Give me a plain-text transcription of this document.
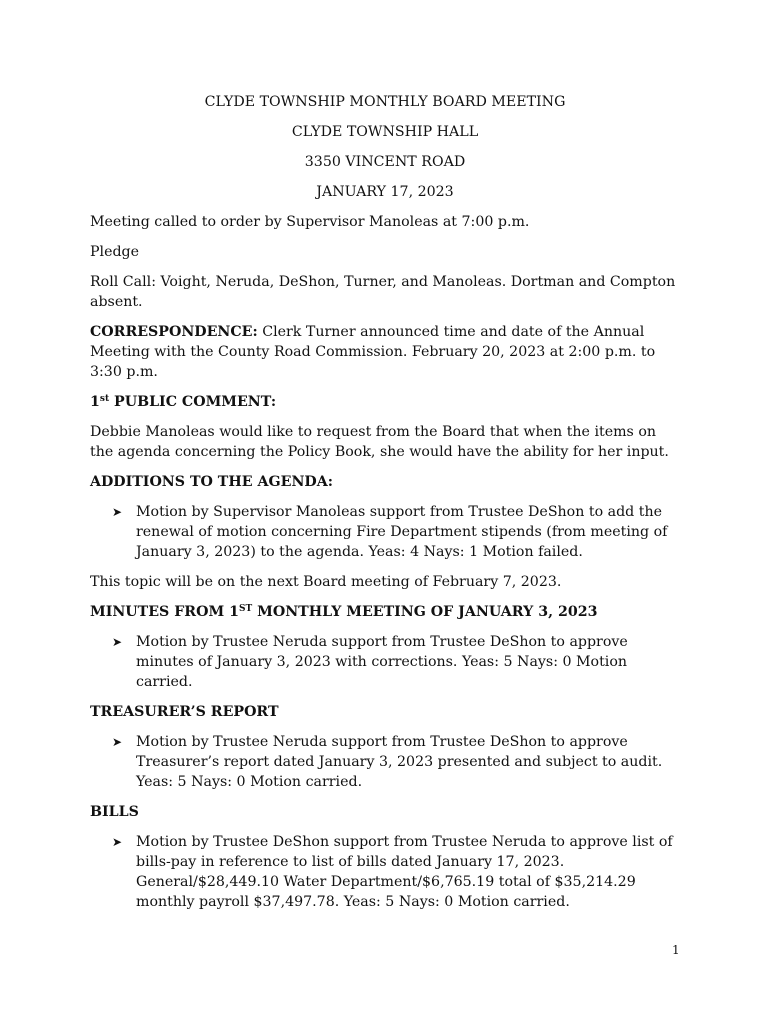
CLYDE TOWNSHIP MONTHLY BOARD MEETING
CLYDE TOWNSHIP HALL
3350 VINCENT ROAD
JANUARY 17, 2023

Meeting called to order by Supervisor Manoleas at 7:00 p.m.

Pledge

Roll Call: Voight, Neruda, DeShon, Turner, and Manoleas. Dortman and Compton absent.

CORRESPONDENCE: Clerk Turner announced time and date of the Annual Meeting with the County Road Commission. February 20, 2023 at 2:00 p.m. to 3:30 p.m.

1st PUBLIC COMMENT:

Debbie Manoleas would like to request from the Board that when the items on the agenda concerning the Policy Book, she would have the ability for her input.

ADDITIONS TO THE AGENDA:
➤ Motion by Supervisor Manoleas support from Trustee DeShon to add the renewal of motion concerning Fire Department stipends (from meeting of January 3, 2023) to the agenda. Yeas: 4 Nays: 1 Motion failed.

This topic will be on the next Board meeting of February 7, 2023.

MINUTES FROM 1ST MONTHLY MEETING OF JANUARY 3, 2023
➤ Motion by Trustee Neruda support from Trustee DeShon to approve minutes of January 3, 2023 with corrections. Yeas: 5 Nays: 0 Motion carried.
TREASURER’S REPORT
➤ Motion by Trustee Neruda support from Trustee DeShon to approve Treasurer’s report dated January 3, 2023 presented and subject to audit. Yeas: 5 Nays: 0 Motion carried.
BILLS
➤ Motion by Trustee DeShon support from Trustee Neruda to approve list of bills-pay in reference to list of bills dated January 17, 2023. General/$28,449.10 Water Department/$6,765.19 total of $35,214.29 monthly payroll $37,497.78. Yeas: 5 Nays: 0 Motion carried.
1
